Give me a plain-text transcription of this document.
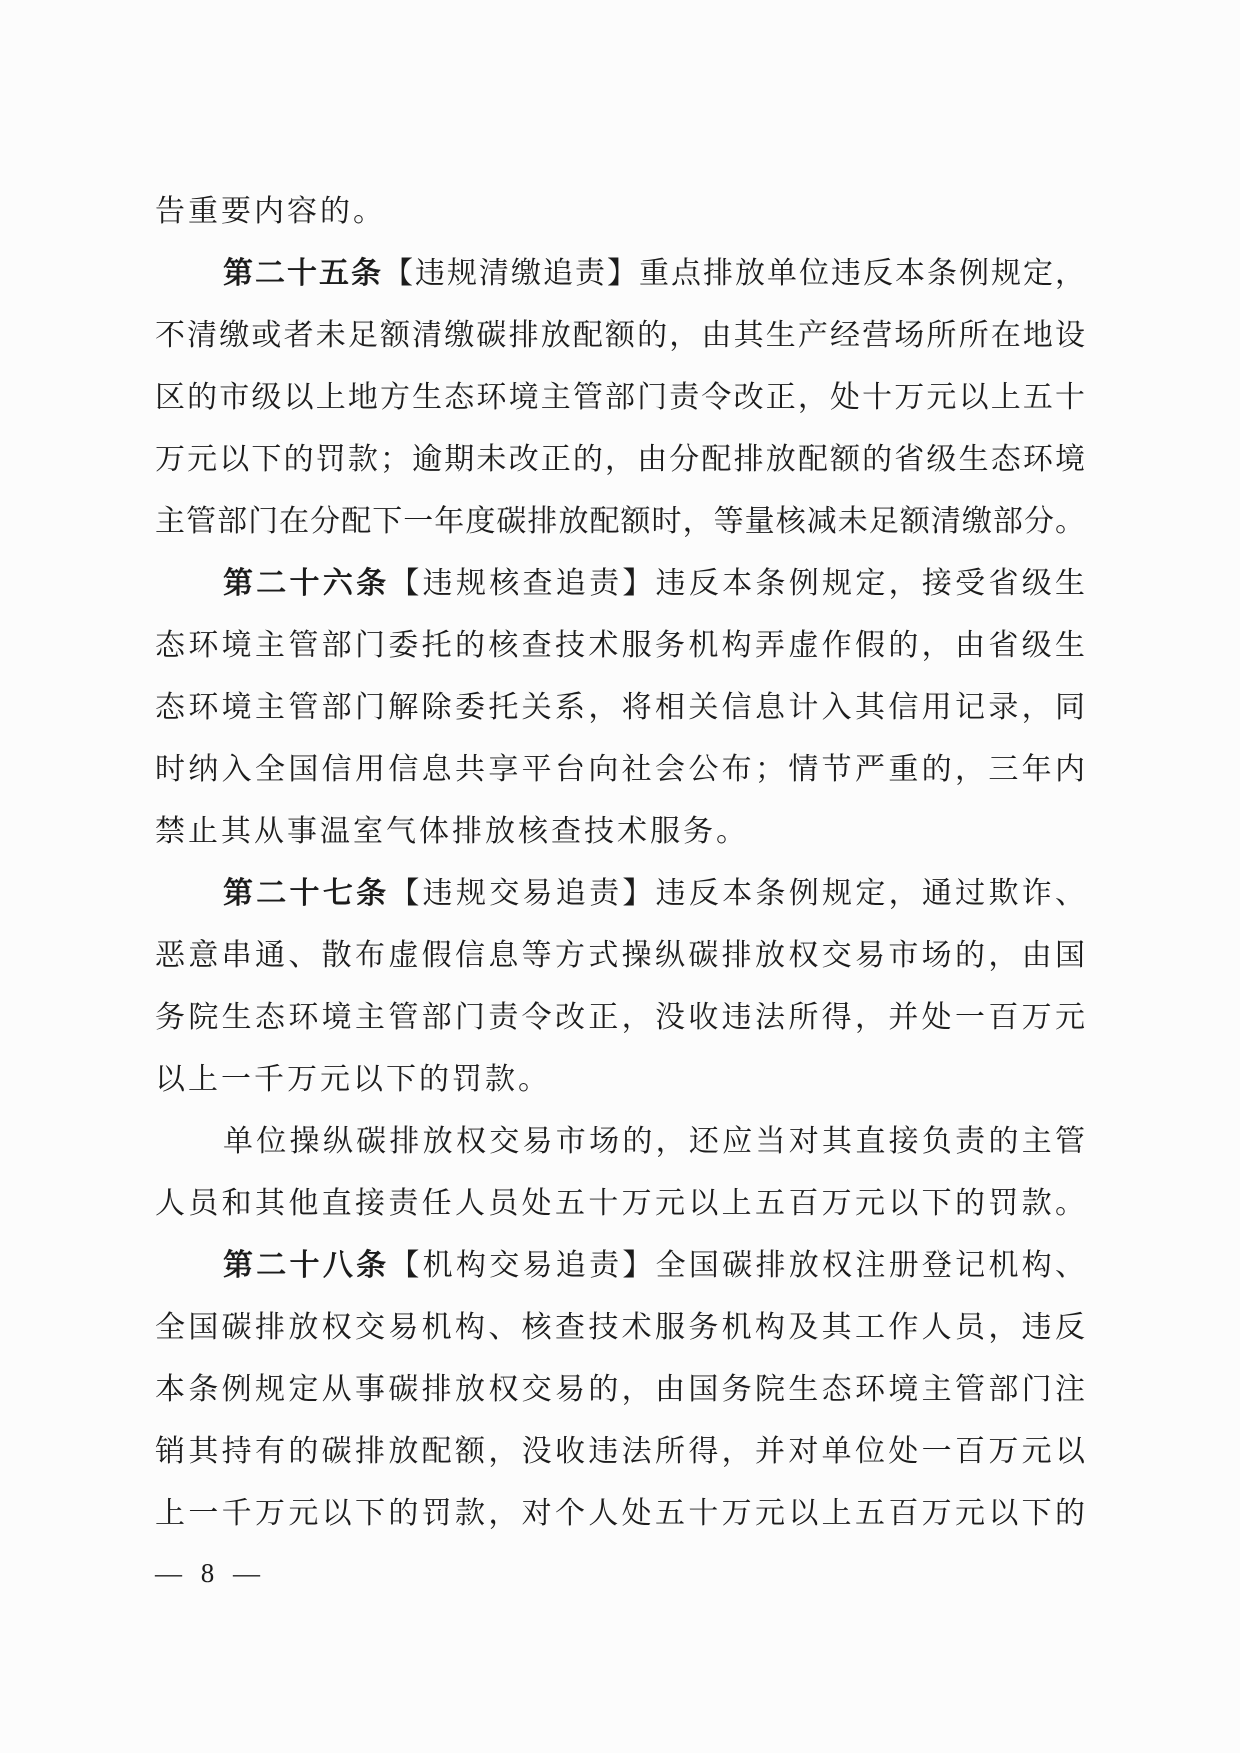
告重要内容的。
第二十五条【违规清缴追责】重点排放单位违反本条例规定，
不清缴或者未足额清缴碳排放配额的，由其生产经营场所所在地设
区的市级以上地方生态环境主管部门责令改正，处十万元以上五十
万元以下的罚款；逾期未改正的，由分配排放配额的省级生态环境
主管部门在分配下一年度碳排放配额时，等量核减未足额清缴部分。
第二十六条【违规核查追责】违反本条例规定，接受省级生
态环境主管部门委托的核查技术服务机构弄虚作假的，由省级生
态环境主管部门解除委托关系，将相关信息计入其信用记录，同
时纳入全国信用信息共享平台向社会公布；情节严重的，三年内
禁止其从事温室气体排放核查技术服务。
第二十七条【违规交易追责】违反本条例规定，通过欺诈、
恶意串通、散布虚假信息等方式操纵碳排放权交易市场的，由国
务院生态环境主管部门责令改正，没收违法所得，并处一百万元
以上一千万元以下的罚款。
单位操纵碳排放权交易市场的，还应当对其直接负责的主管
人员和其他直接责任人员处五十万元以上五百万元以下的罚款。
第二十八条【机构交易追责】全国碳排放权注册登记机构、
全国碳排放权交易机构、核查技术服务机构及其工作人员，违反
本条例规定从事碳排放权交易的，由国务院生态环境主管部门注
销其持有的碳排放配额，没收违法所得，并对单位处一百万元以
上一千万元以下的罚款，对个人处五十万元以上五百万元以下的
— 8 —
